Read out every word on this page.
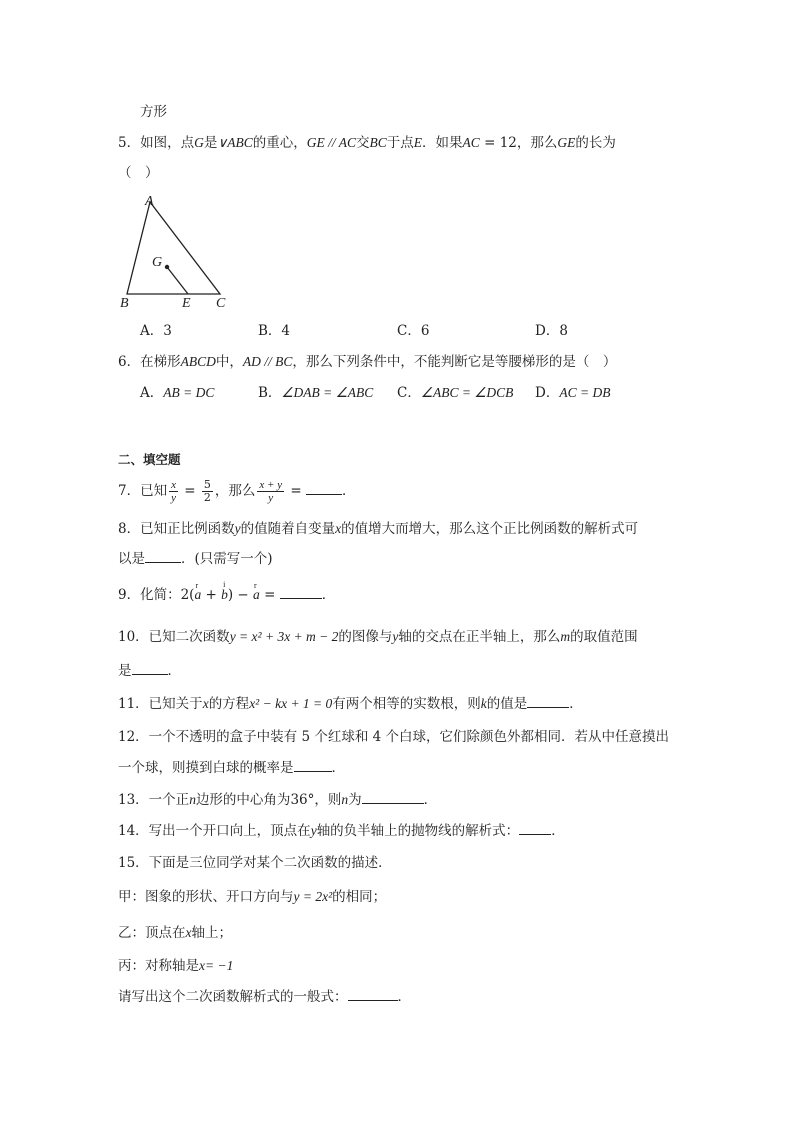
方形
5．如图，点G是∨ABC的重心，GE // AC交BC于点E．如果AC = 12，那么GE的长为
（　）
A
G
B	E C
A．3	B．4	C．6	D．8
6．在梯形ABCD中，AD // BC，那么下列条件中，不能判断它是等腰梯形的是（　）
A．AB = DC	B．∠DAB = ∠ABC C．∠ABC = ∠DCB D．AC = DB
二、填空题
7．已知 $\frac{x}{y} = \frac{5}{2}$ ，那么 $\frac{x + y}{y}$ =	．
8．已知正比例函数y的值随着自变量x的值增大而增大，那么这个正比例函数的解析式可
以是	．(只需写一个)
9．化简：2(r a + i b) − r a =	．
10．已知二次函数y = x² + 3x + m − 2的图像与y轴的交点在正半轴上，那么m的取值范围
是	．
11．已知关于x的方程x² − kx + 1 = 0有两个相等的实数根，则k的值是	．
12．一个不透明的盒子中装有 5 个红球和 4 个白球，它们除颜色外都相同．若从中任意摸出
一个球，则摸到白球的概率是	．
13．一个正n边形的中心角为36°，则n为	．
14．写出一个开口向上，顶点在y轴的负半轴上的抛物线的解析式： ．
15．下面是三位同学对某个二次函数的描述．
甲：图象的形状、开口方向与y = 2x²的相同；
乙：顶点在x轴上；
丙：对称轴是x= −1
请写出这个二次函数解析式的一般式：	．
